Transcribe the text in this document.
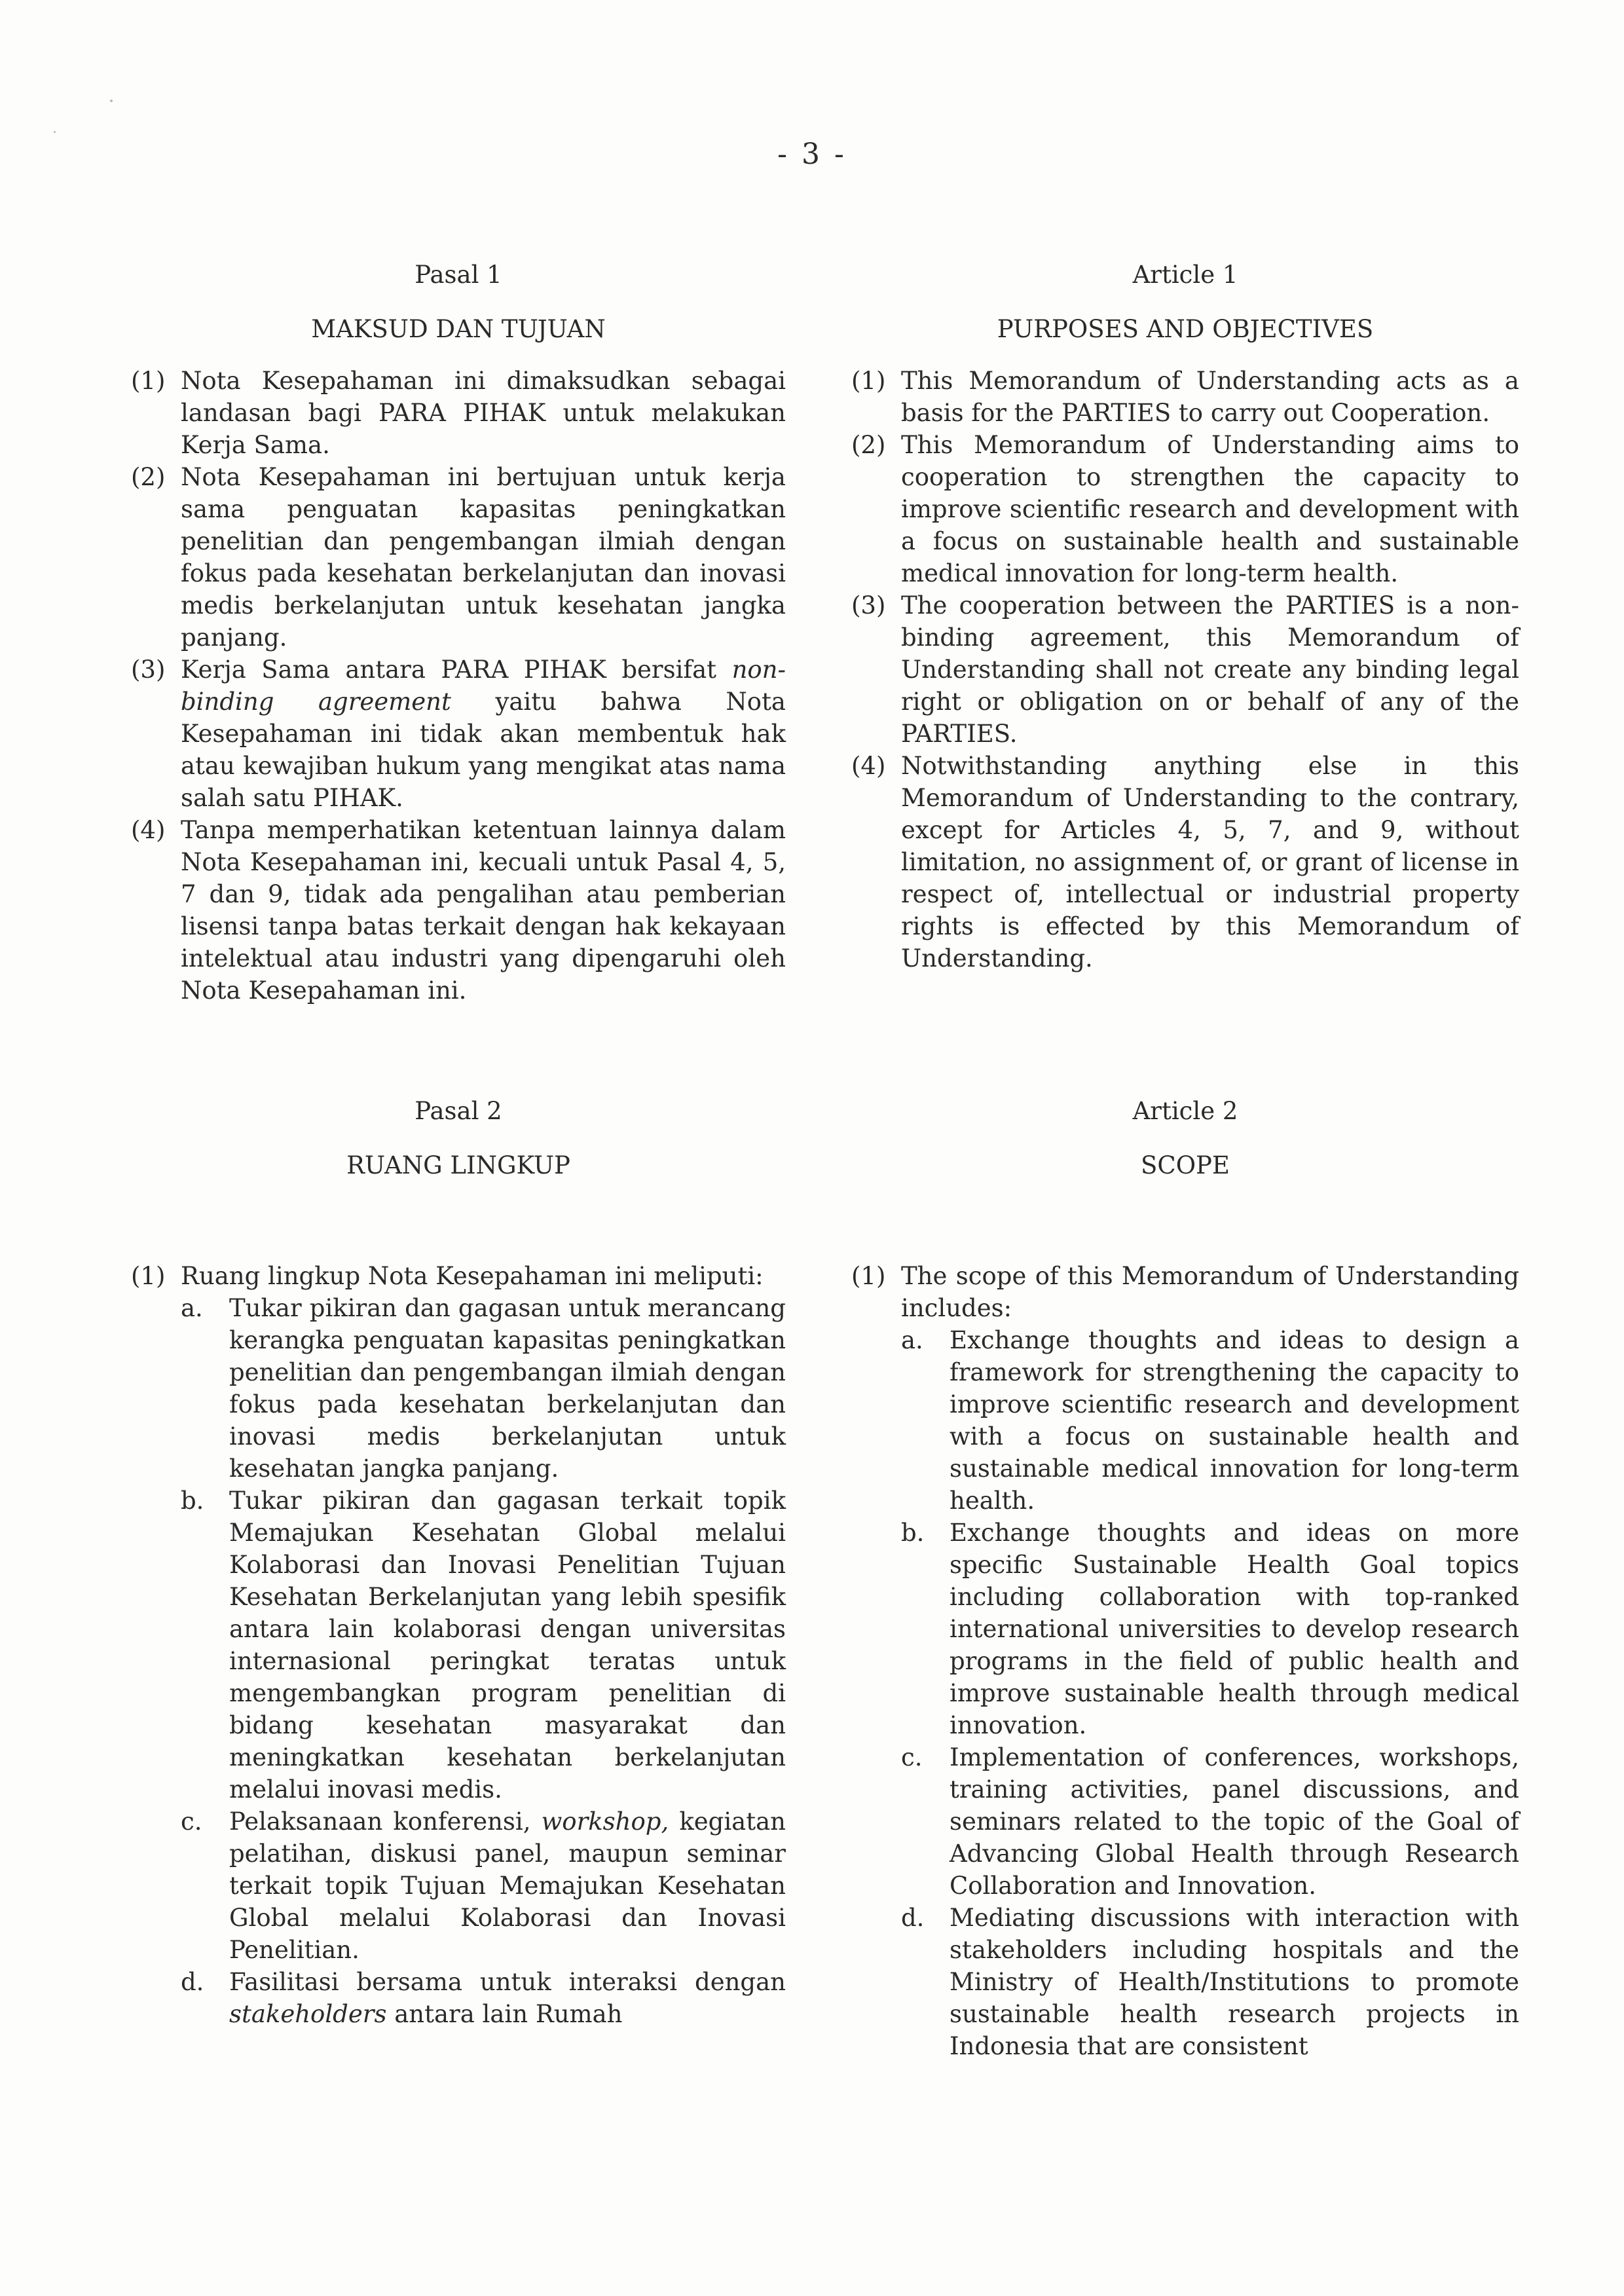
- 3 -
Pasal 1
MAKSUD DAN TUJUAN
(1) Nota Kesepahaman ini dimaksudkan sebagai landasan bagi PARA PIHAK untuk melakukan Kerja Sama.
(2) Nota Kesepahaman ini bertujuan untuk kerja sama penguatan kapasitas peningkatkan penelitian dan pengembangan ilmiah dengan fokus pada kesehatan berkelanjutan dan inovasi medis berkelanjutan untuk kesehatan jangka panjang.
(3) Kerja Sama antara PARA PIHAK bersifat non-binding agreement yaitu bahwa Nota Kesepahaman ini tidak akan membentuk hak atau kewajiban hukum yang mengikat atas nama salah satu PIHAK.
(4) Tanpa memperhatikan ketentuan lainnya dalam Nota Kesepahaman ini, kecuali untuk Pasal 4, 5, 7 dan 9, tidak ada pengalihan atau pemberian lisensi tanpa batas terkait dengan hak kekayaan intelektual atau industri yang dipengaruhi oleh Nota Kesepahaman ini.
Pasal 2
RUANG LINGKUP
(1) Ruang lingkup Nota Kesepahaman ini meliputi:
a.	Tukar pikiran dan gagasan untuk merancang kerangka penguatan kapasitas peningkatkan penelitian dan pengembangan ilmiah dengan fokus pada kesehatan berkelanjutan dan inovasi medis berkelanjutan untuk kesehatan jangka panjang.
b.	Tukar pikiran dan gagasan terkait topik Memajukan Kesehatan Global melalui Kolaborasi dan Inovasi Penelitian Tujuan Kesehatan Berkelanjutan yang lebih spesifik antara lain kolaborasi dengan universitas internasional peringkat teratas untuk mengembangkan program penelitian di bidang kesehatan masyarakat dan meningkatkan kesehatan berkelanjutan melalui inovasi medis.
c.	Pelaksanaan konferensi, workshop, kegiatan pelatihan, diskusi panel, maupun seminar terkait topik Tujuan Memajukan Kesehatan Global melalui Kolaborasi dan Inovasi Penelitian.
d.	Fasilitasi bersama untuk interaksi dengan stakeholders antara lain Rumah
Article 1
PURPOSES AND OBJECTIVES
(1) This Memorandum of Understanding acts as a basis for the PARTIES to carry out Cooperation.
(2) This Memorandum of Understanding aims to cooperation to strengthen the capacity to improve scientific research and development with a focus on sustainable health and sustainable medical innovation for long-term health.
(3) The cooperation between the PARTIES is a non-binding agreement, this Memorandum of Understanding shall not create any binding legal right or obligation on or behalf of any of the PARTIES.
(4) Notwithstanding anything else in this Memorandum of Understanding to the contrary, except for Articles 4, 5, 7, and 9, without limitation, no assignment of, or grant of license in respect of, intellectual or industrial property rights is effected by this Memorandum of Understanding.
Article 2
SCOPE
(1) The scope of this Memorandum of Understanding includes:
a.	Exchange thoughts and ideas to design a framework for strengthening the capacity to improve scientific research and development with a focus on sustainable health and sustainable medical innovation for long-term health.
b.	Exchange thoughts and ideas on more specific Sustainable Health Goal topics including collaboration with top-ranked international universities to develop research programs in the field of public health and improve sustainable health through medical innovation.
c.	Implementation of conferences, workshops, training activities, panel discussions, and seminars related to the topic of the Goal of Advancing Global Health through Research Collaboration and Innovation.
d.	Mediating discussions with interaction with stakeholders including hospitals and the Ministry of Health/Institutions to promote sustainable health research projects in Indonesia that are consistent
